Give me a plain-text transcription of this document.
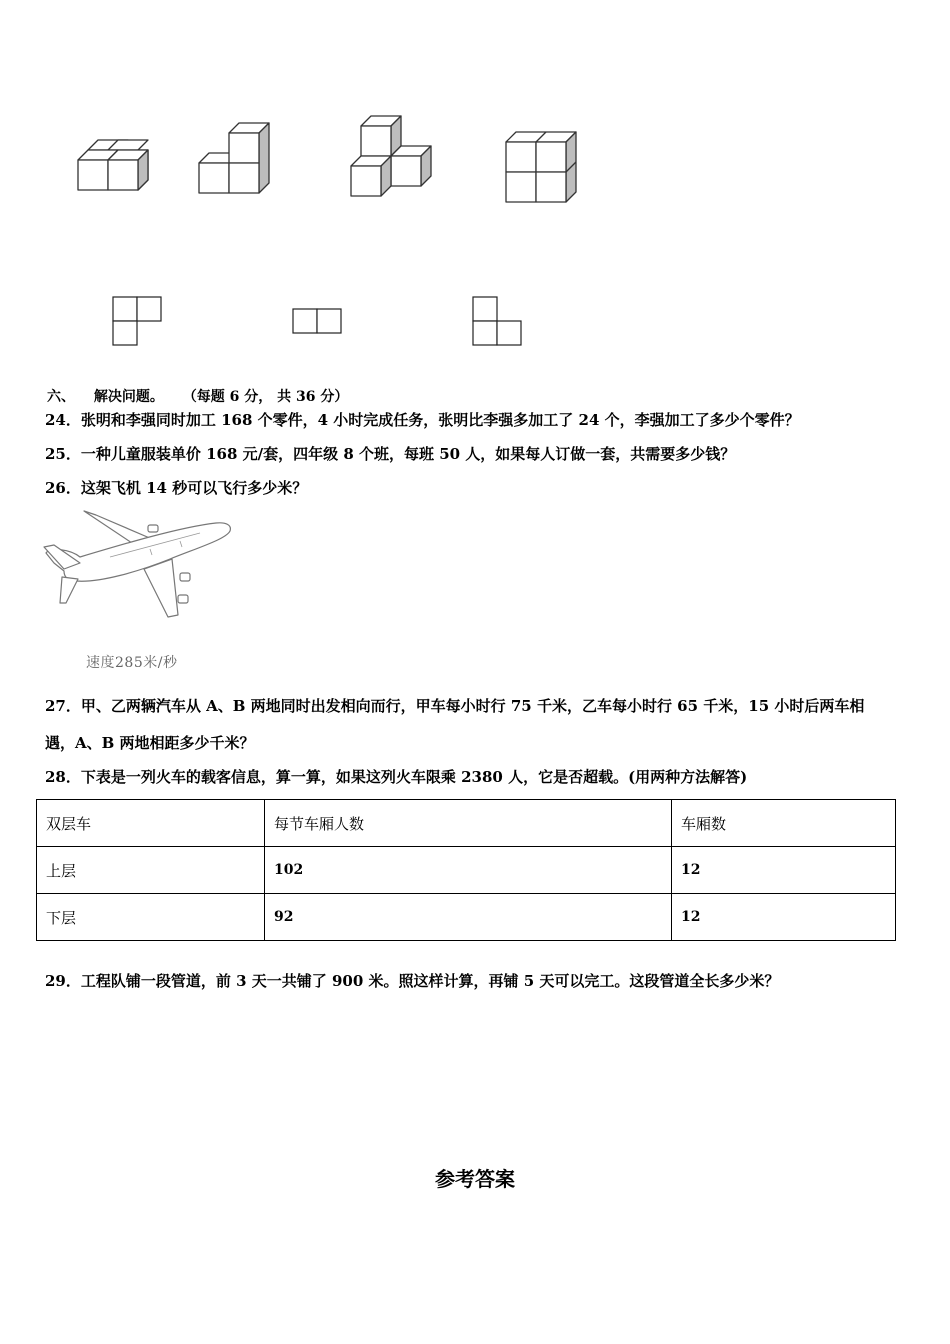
六、 解决问题。 （每题 6 分， 共 36 分）
24．张明和李强同时加工 168 个零件，4 小时完成任务，张明比李强多加工了 24 个，李强加工了多少个零件？
25．一种儿童服装单价 168 元/套，四年级 8 个班，每班 50 人，如果每人订做一套，共需要多少钱？
26．这架飞机 14 秒可以飞行多少米？
速度285米/秒
27．甲、乙两辆汽车从 A、B 两地同时出发相向而行，甲车每小时行 75 千米，乙车每小时行 65 千米，15 小时后两车相
遇，A、B 两地相距多少千米？
28．下表是一列火车的载客信息，算一算，如果这列火车限乘 2380 人，它是否超载。(用两种方法解答)
双层车	每节车厢人数	车厢数
上层	102	12
下层	92	12
29．工程队铺一段管道，前 3 天一共铺了 900 米。照这样计算，再铺 5 天可以完工。这段管道全长多少米？
参考答案
